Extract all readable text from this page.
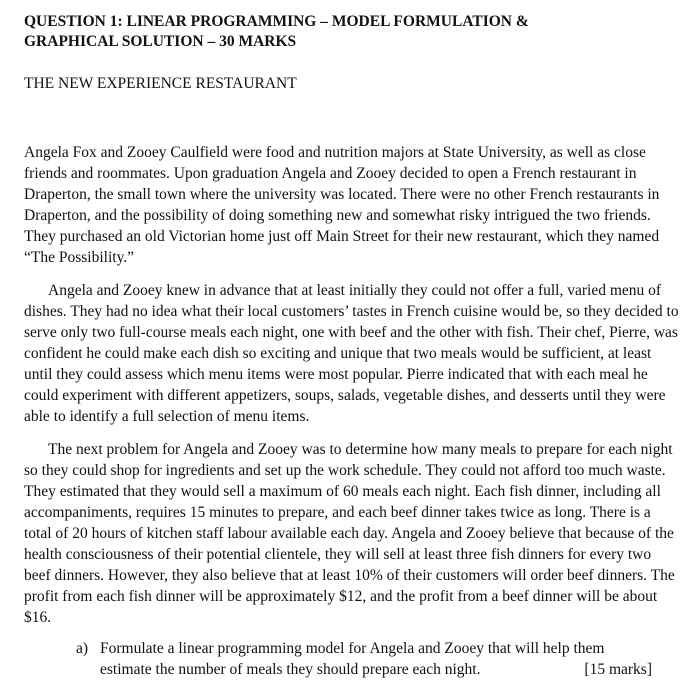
QUESTION 1: LINEAR PROGRAMMING – MODEL FORMULATION &
GRAPHICAL SOLUTION – 30 MARKS

THE NEW EXPERIENCE RESTAURANT

Angela Fox and Zooey Caulfield were food and nutrition majors at State University, as well as close friends and roommates. Upon graduation Angela and Zooey decided to open a French restaurant in Draperton, the small town where the university was located. There were no other French restaurants in Draperton, and the possibility of doing something new and somewhat risky intrigued the two friends. They purchased an old Victorian home just off Main Street for their new restaurant, which they named “The Possibility.”

Angela and Zooey knew in advance that at least initially they could not offer a full, varied menu of dishes. They had no idea what their local customers’ tastes in French cuisine would be, so they decided to serve only two full-course meals each night, one with beef and the other with fish. Their chef, Pierre, was confident he could make each dish so exciting and unique that two meals would be sufficient, at least until they could assess which menu items were most popular. Pierre indicated that with each meal he could experiment with different appetizers, soups, salads, vegetable dishes, and desserts until they were able to identify a full selection of menu items.

The next problem for Angela and Zooey was to determine how many meals to prepare for each night so they could shop for ingredients and set up the work schedule. They could not afford too much waste. They estimated that they would sell a maximum of 60 meals each night. Each fish dinner, including all accompaniments, requires 15 minutes to prepare, and each beef dinner takes twice as long. There is a total of 20 hours of kitchen staff labour available each day. Angela and Zooey believe that because of the health consciousness of their potential clientele, they will sell at least three fish dinners for every two beef dinners. However, they also believe that at least 10% of their customers will order beef dinners. The profit from each fish dinner will be approximately $12, and the profit from a beef dinner will be about $16.

a) Formulate a linear programming model for Angela and Zooey that will help them
estimate the number of meals they should prepare each night.	[15 marks]
